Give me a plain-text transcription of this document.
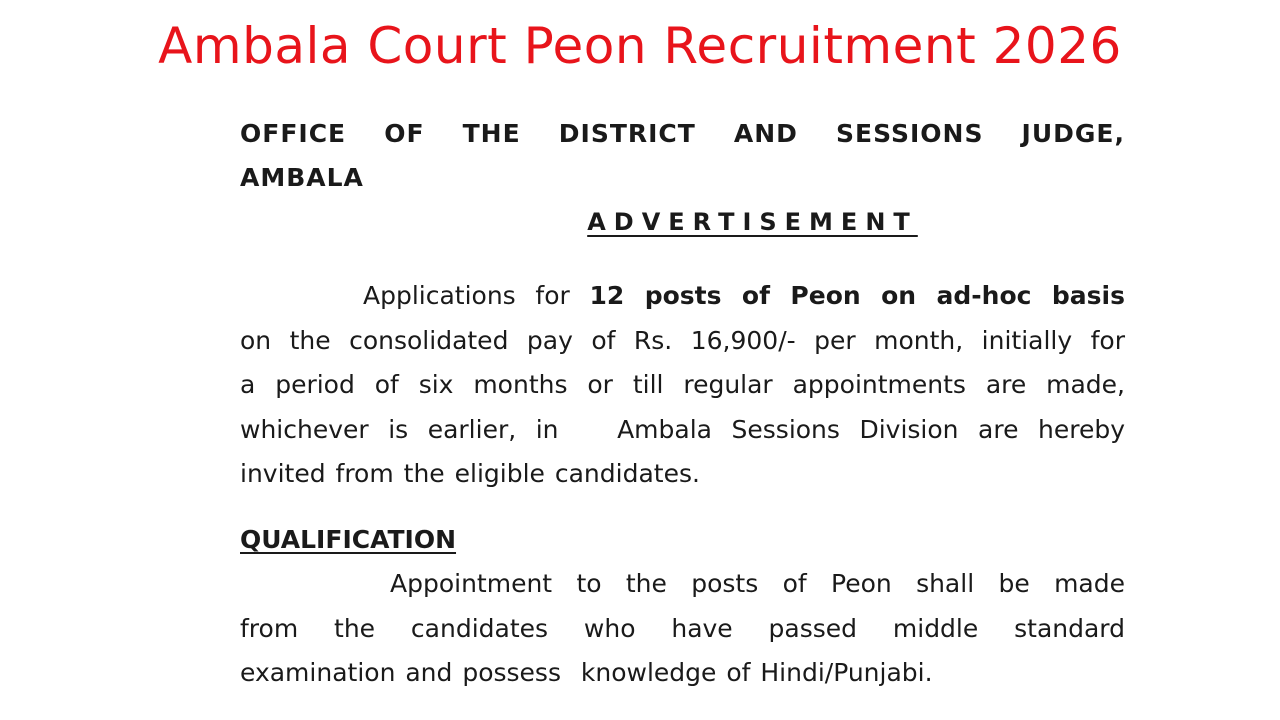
Ambala Court Peon Recruitment 2026

OFFICE OF THE DISTRICT AND SESSIONS JUDGE,

AMBALA

ADVERTISEMENT

Applications for 12 posts of Peon on ad-hoc basis
on the consolidated pay of Rs. 16,900/- per month, initially for
a period of six months or till regular appointments are made,
whichever is earlier, in   Ambala Sessions Division are hereby
invited from the eligible candidates.

QUALIFICATION

Appointment to the posts of Peon shall be made
from the candidates who have passed middle standard
examination and possess  knowledge of Hindi/Punjabi.
